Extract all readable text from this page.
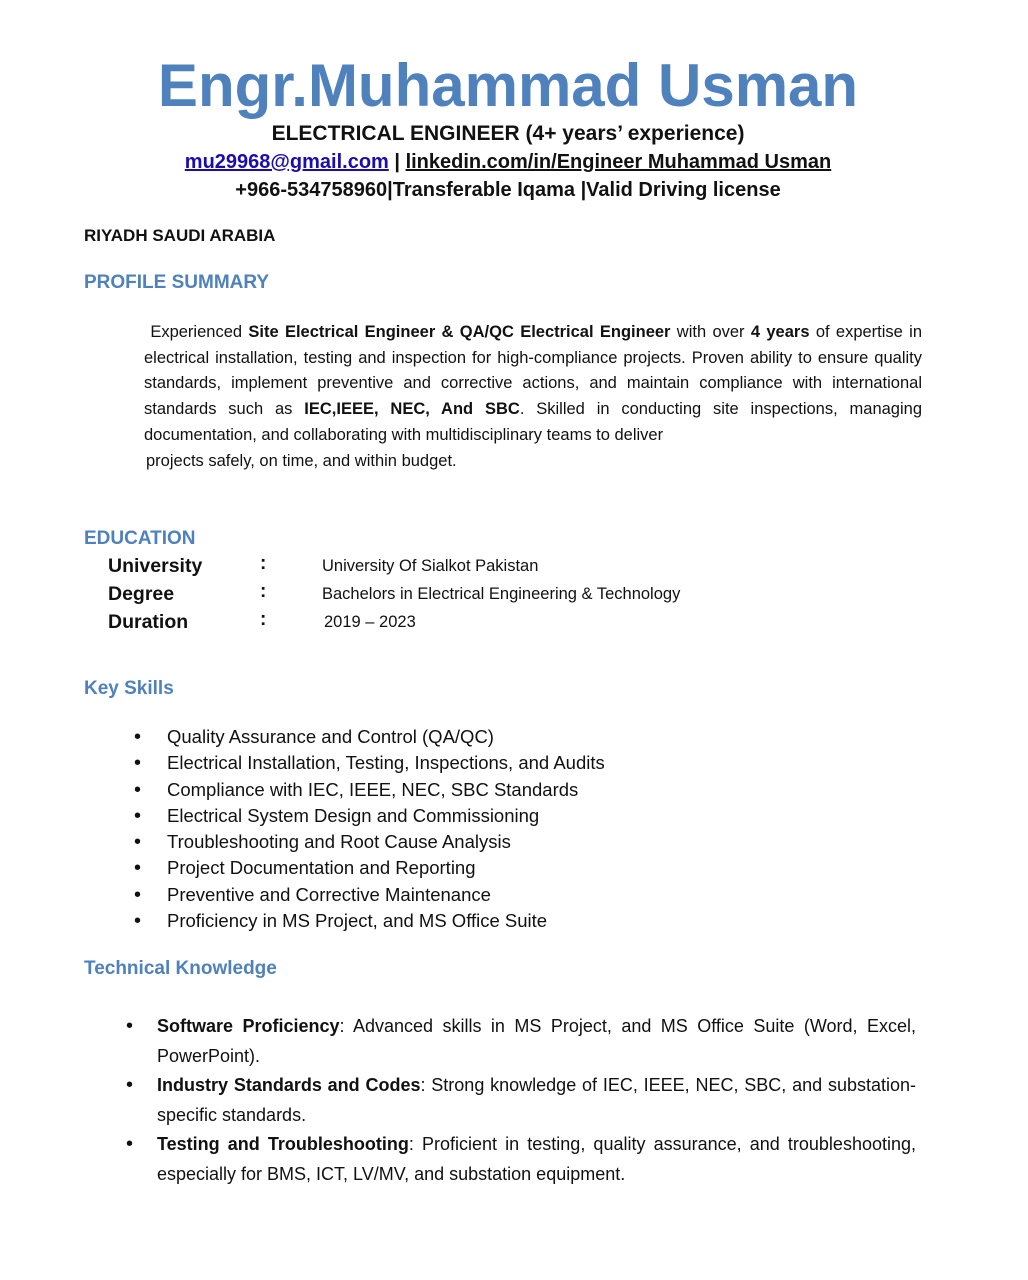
Engr.Muhammad Usman
ELECTRICAL ENGINEER (4+ years’ experience)
mu29968@gmail.com | linkedin.com/in/Engineer Muhammad Usman
+966-534758960|Transferable Iqama |Valid Driving license
RIYADH SAUDI ARABIA
PROFILE SUMMARY

Experienced Site Electrical Engineer & QA/QC Electrical Engineer with over 4 years of expertise in electrical installation, testing and inspection for high-compliance projects. Proven ability to ensure quality standards, implement preventive and corrective actions, and maintain compliance with international standards such as IEC,IEEE, NEC, And SBC. Skilled in conducting site inspections, managing documentation, and collaborating with multidisciplinary teams to deliver

projects safely, on time, and within budget.

EDUCATION
University	:	University Of Sialkot Pakistan
Degree	:	Bachelors in Electrical Engineering & Technology
Duration	:	2019 – 2023
Key Skills
• Quality Assurance and Control (QA/QC)
• Electrical Installation, Testing, Inspections, and Audits
• Compliance with IEC, IEEE, NEC, SBC Standards
• Electrical System Design and Commissioning
• Troubleshooting and Root Cause Analysis
• Project Documentation and Reporting
• Preventive and Corrective Maintenance
• Proficiency in MS Project, and MS Office Suite
Technical Knowledge
• Software Proficiency: Advanced skills in MS Project, and MS Office Suite (Word, Excel, PowerPoint).
• Industry Standards and Codes: Strong knowledge of IEC, IEEE, NEC, SBC, and substation-specific standards.
• Testing and Troubleshooting: Proficient in testing, quality assurance, and troubleshooting, especially for BMS, ICT, LV/MV, and substation equipment.
